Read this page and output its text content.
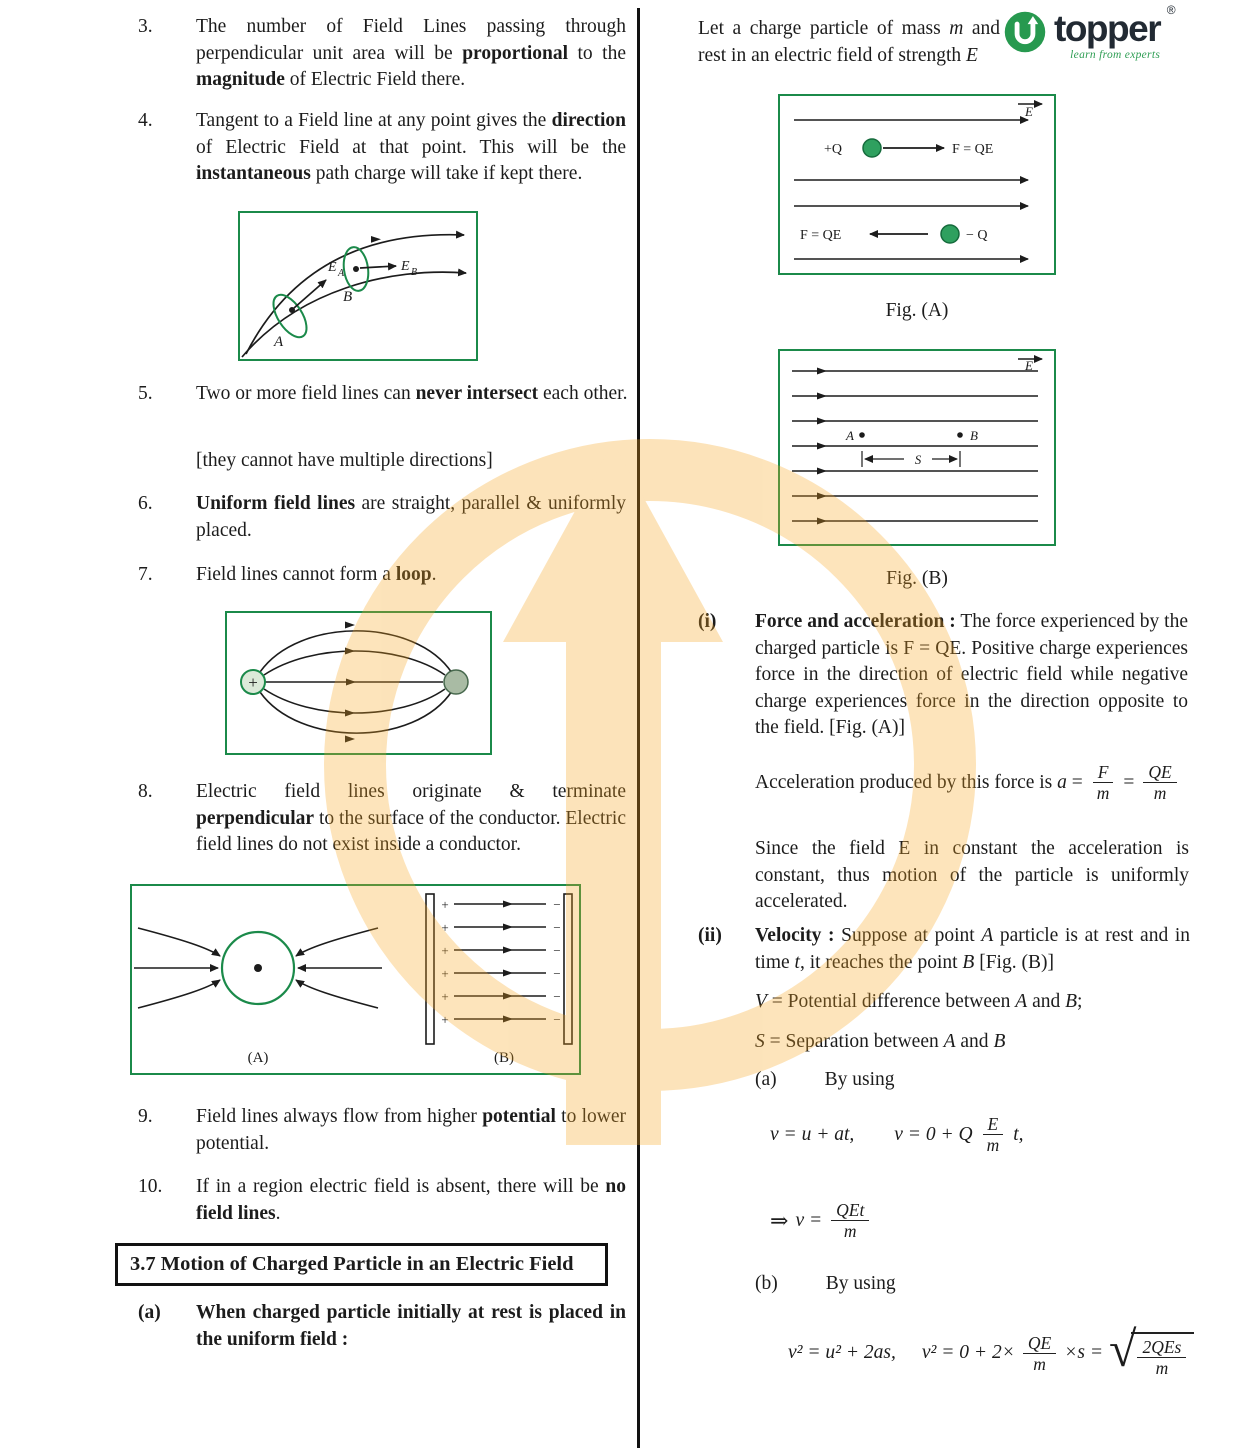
3.	The number of Field Lines passing through perpendicular unit area will be proportional to the magnitude of Electric Field there.
4.	Tangent to a Field line at any point gives the direction of Electric Field at that point. This will be the instantaneous path charge will take if kept there.
E A	E B
A
B
5.	Two or more field lines can never intersect each other.
[they cannot have multiple directions]
6.	Uniform field lines are straight, parallel & uniformly placed.
7.	Field lines cannot form a loop.
+
8.	Electric field lines originate & terminate perpendicular to the surface of the conductor. Electric field lines do not exist inside a conductor.
(A)
+
+
+
+
+
+
−
−
−
−
−
−
(B)
9.	Field lines always flow from higher potential to lower potential.
10.	If in a region electric field is absent, there will be no field lines.
3.7 Motion of Charged Particle in an Electric Field
(a)	When charged particle initially at rest is placed in the uniform field :
Let a charge particle of mass m and rest in an electric field of strength E
topper ®
learn from experts
E
+Q	F = QE
F = QE	− Q
Fig. (A)
E
A	B
S
Fig. (B)
(i)	Force and acceleration : The force experienced by the charged particle is F = QE. Positive charge experiences force in the direction of electric field while negative charge experiences force in the direction opposite to the field. [Fig. (A)]
Acceleration produced by this force is $a = \frac{F}{m} = \frac{QE}{m}$
Since the field E in constant the acceleration is constant, thus motion of the particle is uniformly accelerated.
(ii)	Velocity : Suppose at point A particle is at rest and in time t, it reaches the point B [Fig. (B)]
V = Potential difference between A and B;
S = Separation between A and B
(a) By using
v = u + at, v = 0 + Q $\frac{E}{m} t$,
⇒ $v = \frac{\text{QEt}}{m}$
(b) By using
v² = u² + 2as, $v^2 = 0 + 2\times \frac{QE}{m} \times s$ = √ $\frac{\text{2QEs}}{m}$
